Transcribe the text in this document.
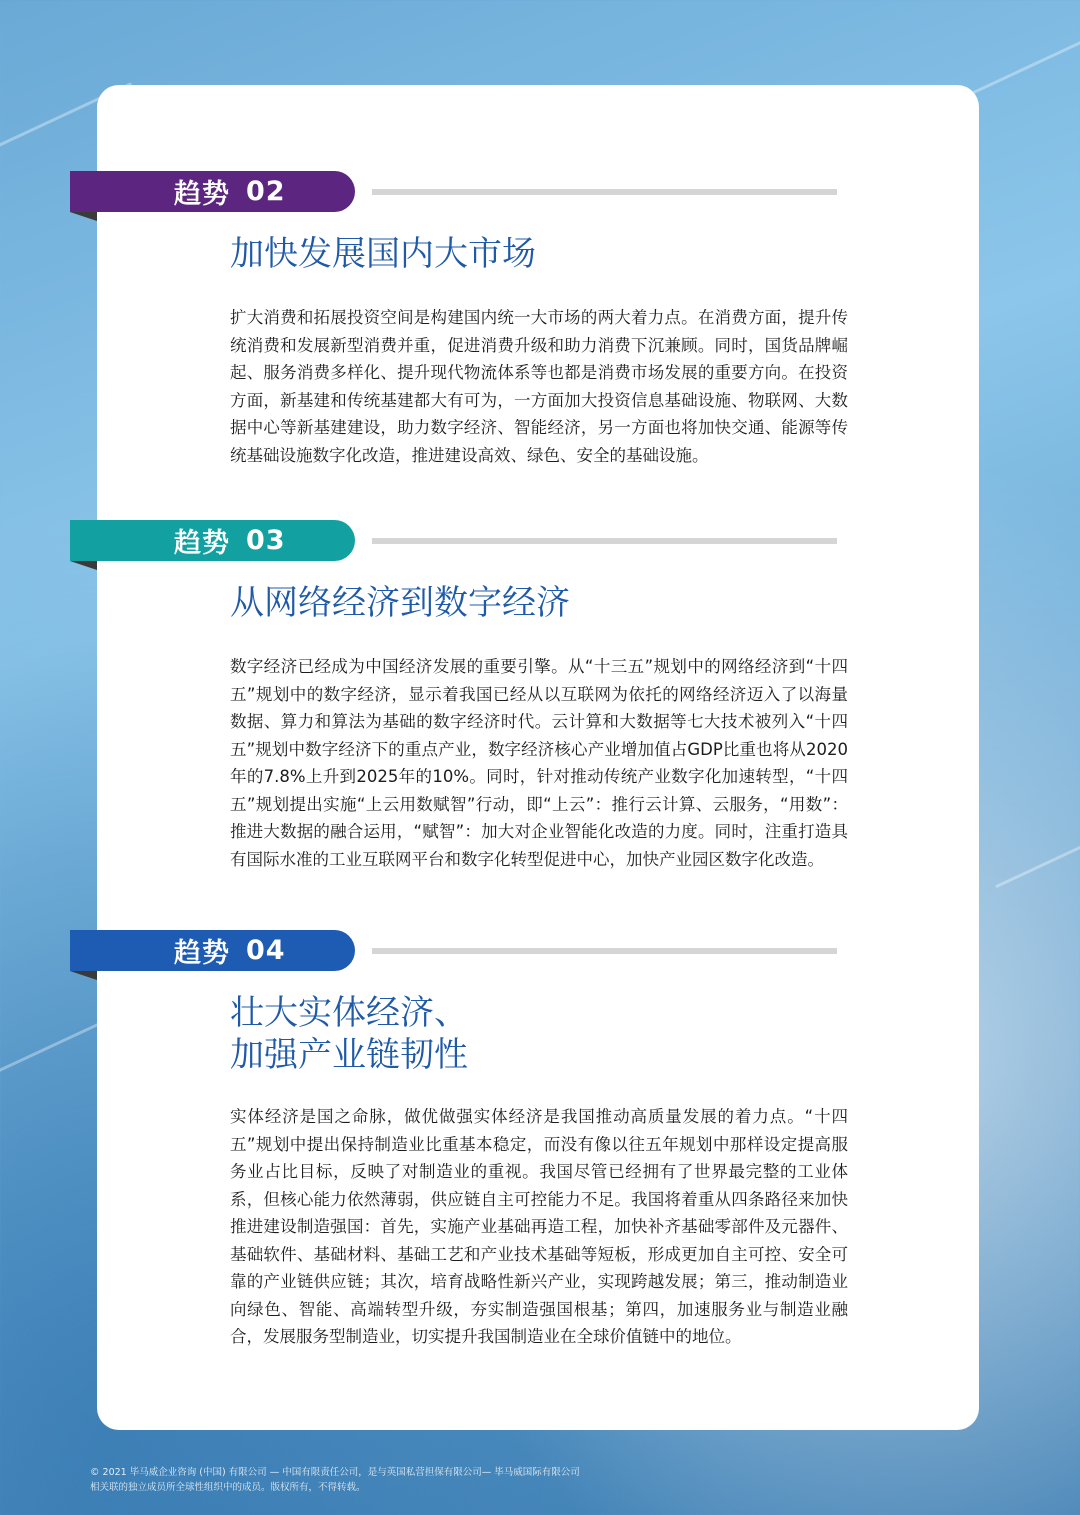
趋势 02
加快发展国内大市场

扩大消费和拓展投资空间是构建国内统一大市场的两大着力点。在消费方面，提升传统消费和发展新型消费并重，促进消费升级和助力消费下沉兼顾。同时，国货品牌崛起、服务消费多样化、提升现代物流体系等也都是消费市场发展的重要方向。在投资方面，新基建和传统基建都大有可为，一方面加大投资信息基础设施、物联网、大数据中心等新基建建设，助力数字经济、智能经济，另一方面也将加快交通、能源等传统基础设施数字化改造，推进建设高效、绿色、安全的基础设施。

趋势 03
从网络经济到数字经济

数字经济已经成为中国经济发展的重要引擎。从“十三五”规划中的网络经济到“十四五”规划中的数字经济，显示着我国已经从以互联网为依托的网络经济迈入了以海量数据、算力和算法为基础的数字经济时代。云计算和大数据等七大技术被列入“十四五”规划中数字经济下的重点产业，数字经济核心产业增加值占GDP比重也将从2020年的7.8%上升到2025年的10%。同时，针对推动传统产业数字化加速转型，“十四五”规划提出实施“上云用数赋智”行动，即“上云”：推行云计算、云服务，“用数”：推进大数据的融合运用，“赋智”：加大对企业智能化改造的力度。同时，注重打造具有国际水准的工业互联网平台和数字化转型促进中心，加快产业园区数字化改造。

趋势 04
壮大实体经济、
加强产业链韧性

实体经济是国之命脉，做优做强实体经济是我国推动高质量发展的着力点。“十四五”规划中提出保持制造业比重基本稳定，而没有像以往五年规划中那样设定提高服务业占比目标，反映了对制造业的重视。我国尽管已经拥有了世界最完整的工业体系，但核心能力依然薄弱，供应链自主可控能力不足。我国将着重从四条路径来加快推进建设制造强国：首先，实施产业基础再造工程，加快补齐基础零部件及元器件、基础软件、基础材料、基础工艺和产业技术基础等短板，形成更加自主可控、安全可靠的产业链供应链；其次，培育战略性新兴产业，实现跨越发展；第三，推动制造业向绿色、智能、高端转型升级，夯实制造强国根基；第四，加速服务业与制造业融合，发展服务型制造业，切实提升我国制造业在全球价值链中的地位。

© 2021 毕马威企业咨询 (中国) 有限公司 — 中国有限责任公司，是与英国私营担保有限公司— 毕马威国际有限公司
相关联的独立成员所全球性组织中的成员。版权所有，不得转载。
